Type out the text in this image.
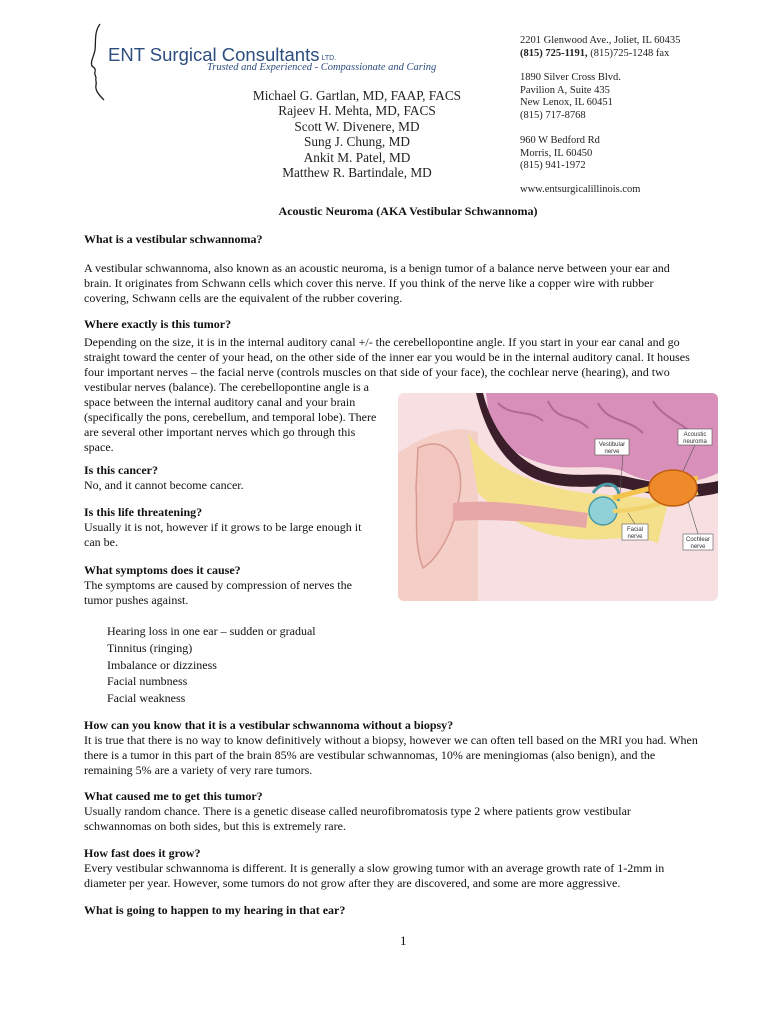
ENT Surgical Consultants LTD.
Trusted and Experienced - Compassionate and Caring
Michael G. Gartlan, MD, FAAP, FACS
Rajeev H. Mehta, MD, FACS
Scott W. Divenere, MD
Sung J. Chung, MD
Ankit M. Patel, MD
Matthew R. Bartindale, MD
2201 Glenwood Ave., Joliet, IL 60435
(815) 725-1191, (815)725-1248 fax
1890 Silver Cross Blvd.
Pavilion A, Suite 435
New Lenox, IL 60451
(815) 717-8768
960 W Bedford Rd
Morris, IL 60450
(815) 941-1972
www.entsurgicalillinois.com
Acoustic Neuroma (AKA Vestibular Schwannoma)
What is a vestibular schwannoma?
A vestibular schwannoma, also known as an acoustic neuroma, is a benign tumor of a balance nerve between your ear and
brain. It originates from Schwann cells which cover this nerve. If you think of the nerve like a copper wire with rubber
covering, Schwann cells are the equivalent of the rubber covering.
Where exactly is this tumor?
Depending on the size, it is in the internal auditory canal +/- the cerebellopontine angle. If you start in your ear canal and go
straight toward the center of your head, on the other side of the inner ear you would be in the internal auditory canal. It houses
four important nerves – the facial nerve (controls muscles on that side of your face), the cochlear nerve (hearing), and two
vestibular nerves (balance). The cerebellopontine angle is a
space between the internal auditory canal and your brain
(specifically the pons, cerebellum, and temporal lobe). There
are several other important nerves which go through this
space.
Is this cancer?
No, and it cannot become cancer.
Is this life threatening?
Usually it is not, however if it grows to be large enough it
can be.
What symptoms does it cause?
The symptoms are caused by compression of nerves the
tumor pushes against.
Hearing loss in one ear – sudden or gradual
Tinnitus (ringing)
Imbalance or dizziness
Facial numbness
Facial weakness
How can you know that it is a vestibular schwannoma without a biopsy?
It is true that there is no way to know definitively without a biopsy, however we can often tell based on the MRI you had. When
there is a tumor in this part of the brain 85% are vestibular schwannomas, 10% are meningiomas (also benign), and the
remaining 5% are a variety of very rare tumors.
What caused me to get this tumor?
Usually random chance. There is a genetic disease called neurofibromatosis type 2 where patients grow vestibular
schwannomas on both sides, but this is extremely rare.
How fast does it grow?
Every vestibular schwannoma is different. It is generally a slow growing tumor with an average growth rate of 1-2mm in
diameter per year. However, some tumors do not grow after they are discovered, and some are more aggressive.
What is going to happen to my hearing in that ear?
1
Vestibular
nerve
Acoustic
neuroma
Facial
nerve	Cochlear
nerve
